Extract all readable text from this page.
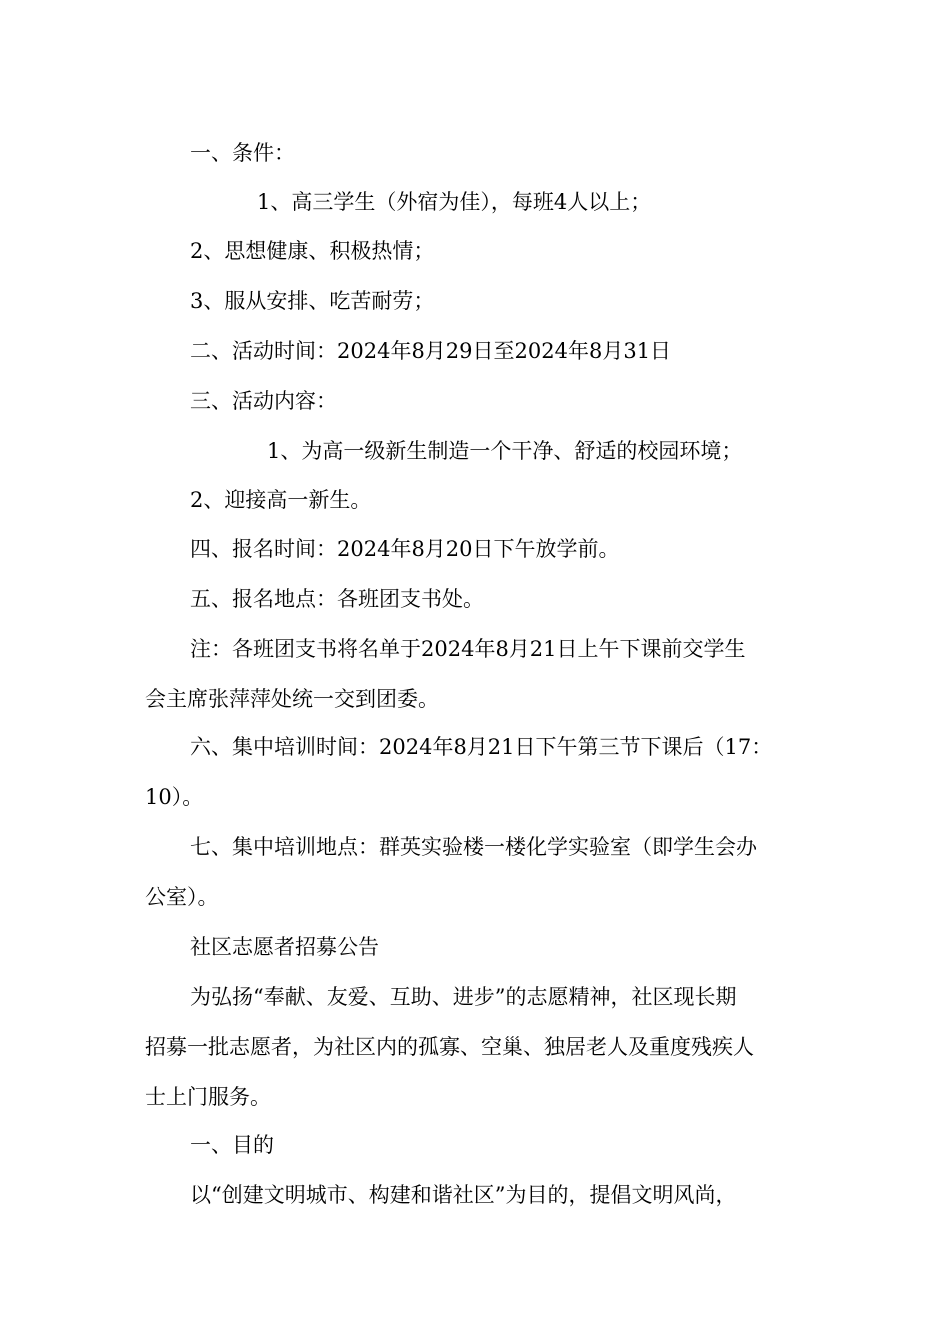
一、条件：
1、高三学生（外宿为佳），每班4人以上；
2、思想健康、积极热情；
3、服从安排、吃苦耐劳；
二、活动时间：2024年8月29日至2024年8月31日
三、活动内容：
1、为高一级新生制造一个干净、舒适的校园环境；
2、迎接高一新生。
四、报名时间：2024年8月20日下午放学前。
五、报名地点：各班团支书处。
注：各班团支书将名单于2024年8月21日上午下课前交学生
会主席张萍萍处统一交到团委。
六、集中培训时间：2024年8月21日下午第三节下课后（17：
10）。
七、集中培训地点：群英实验楼一楼化学实验室（即学生会办
公室）。
社区志愿者招募公告
为弘扬“奉献、友爱、互助、进步”的志愿精神，社区现长期
招募一批志愿者，为社区内的孤寡、空巢、独居老人及重度残疾人
士上门服务。
一、目的
以“创建文明城市、构建和谐社区”为目的，提倡文明风尚，
